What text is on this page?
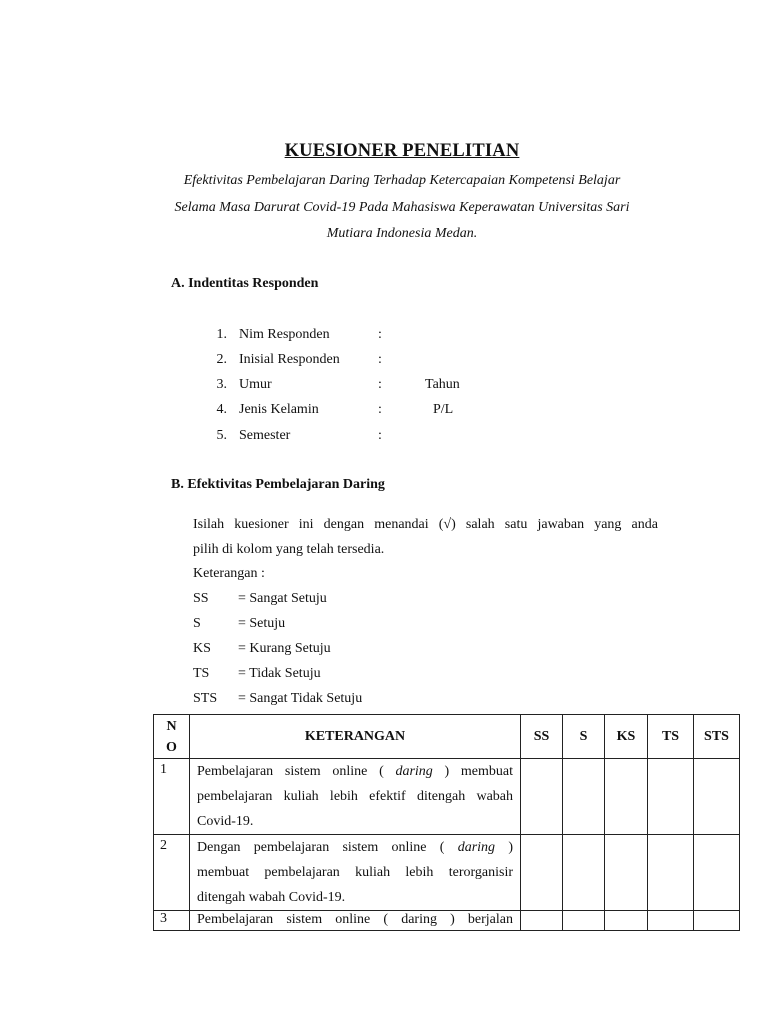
KUESIONER PENELITIAN
Efektivitas Pembelajaran Daring Terhadap Ketercapaian Kompetensi Belajar
Selama Masa Darurat Covid-19 Pada Mahasiswa Keperawatan Universitas Sari
Mutiara Indonesia Medan.
A. Indentitas Responden
1. Nim Responden	:
2. Inisial Responden	:
3. Umur	:	Tahun
4. Jenis Kelamin	:	P/L
5. Semester	:
B. Efektivitas Pembelajaran Daring
Isilah kuesioner ini dengan menandai (√) salah satu jawaban yang anda
pilih di kolom yang telah tersedia.
Keterangan :
SS = Sangat Setuju
S	= Setuju
KS = Kurang Setuju
TS = Tidak Setuju
STS = Sangat Tidak Setuju
N
O	KETERANGAN	SS	S	KS	TS	STS
1	Pembelajaran sistem online ( daring ) membuat
pembelajaran kuliah lebih efektif ditengah wabah
Covid-19.					

2	Dengan pembelajaran sistem online ( daring )
membuat pembelajaran kuliah lebih terorganisir
ditengah wabah Covid-19.					

3	Pembelajaran sistem online ( daring ) berjalan					
